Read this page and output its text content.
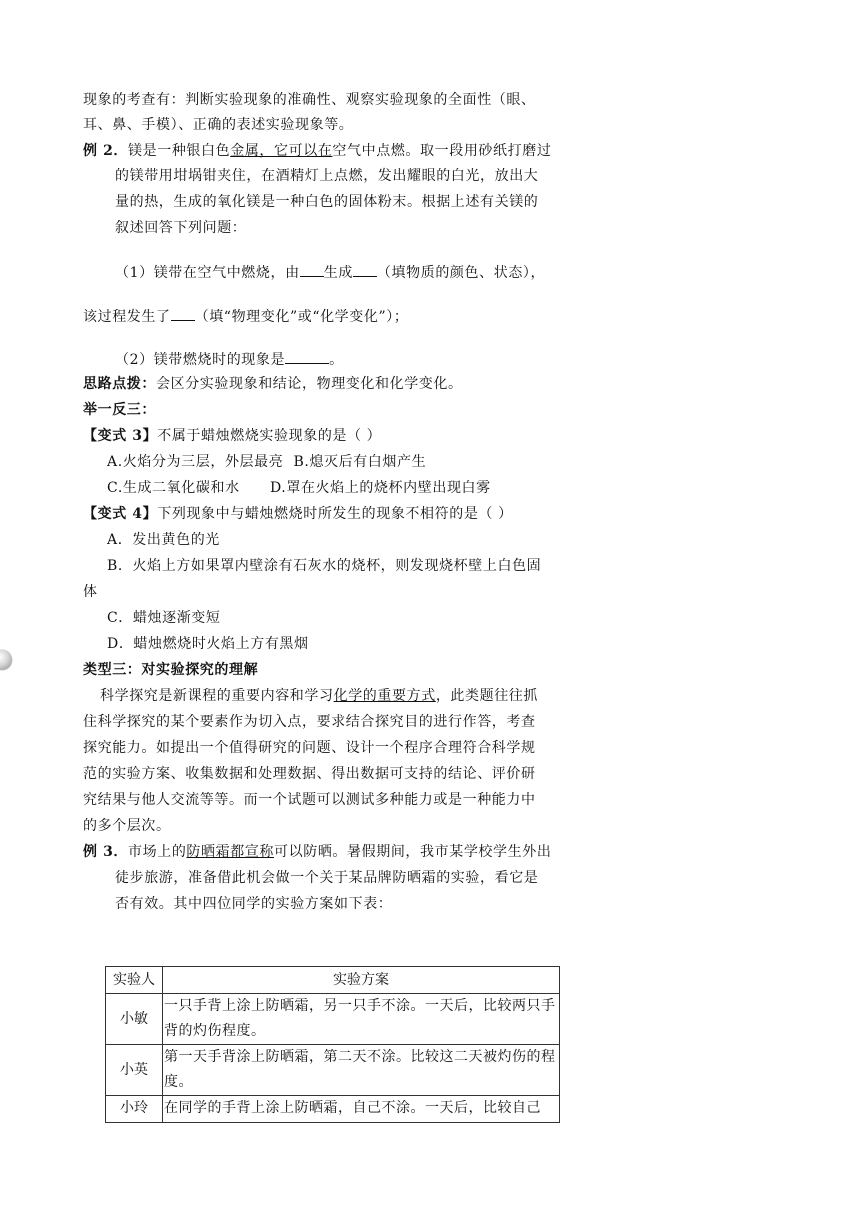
现象的考查有：判断实验现象的准确性、观察实验现象的全面性（眼、
耳、鼻、手模）、正确的表述实验现象等。
例 2．镁是一种银白色金属，它可以在空气中点燃。取一段用砂纸打磨过
的镁带用坩埚钳夹住，在酒精灯上点燃，发出耀眼的白光，放出大
量的热，生成的氧化镁是一种白色的固体粉末。根据上述有关镁的
叙述回答下列问题：
（1）镁带在空气中燃烧，由 生成 （填物质的颜色、状态），
该过程发生了 （填“物理变化”或“化学变化”）；
（2）镁带燃烧时的现象是	。
思路点拨：会区分实验现象和结论，物理变化和化学变化。
举一反三：
【变式 3】不属于蜡烛燃烧实验现象的是（ ）
A.火焰分为三层，外层最亮  B.熄灭后有白烟产生
C.生成二氧化碳和水      D.罩在火焰上的烧杯内壁出现白雾
【变式 4】下列现象中与蜡烛燃烧时所发生的现象不相符的是（ ）
A．发出黄色的光
B．火焰上方如果罩内壁涂有石灰水的烧杯，则发现烧杯壁上白色固
体
C．蜡烛逐渐变短
D．蜡烛燃烧时火焰上方有黑烟
类型三：对实验探究的理解
科学探究是新课程的重要内容和学习化学的重要方式，此类题往往抓
住科学探究的某个要素作为切入点，要求结合探究目的进行作答，考查
探究能力。如提出一个值得研究的问题、设计一个程序合理符合科学规
范的实验方案、收集数据和处理数据、得出数据可支持的结论、评价研
究结果与他人交流等等。而一个试题可以测试多种能力或是一种能力中
的多个层次。
例 3．市场上的防晒霜都宣称可以防晒。暑假期间，我市某学校学生外出
徒步旅游，准备借此机会做一个关于某品牌防晒霜的实验，看它是
否有效。其中四位同学的实验方案如下表：
实验人	实验方案
小敏	一只手背上涂上防晒霜，另一只手不涂。一天后，比较两只手背的灼伤程度。
小英	第一天手背涂上防晒霜，第二天不涂。比较这二天被灼伤的程度。
小玲	在同学的手背上涂上防晒霜，自己不涂。一天后，比较自己
